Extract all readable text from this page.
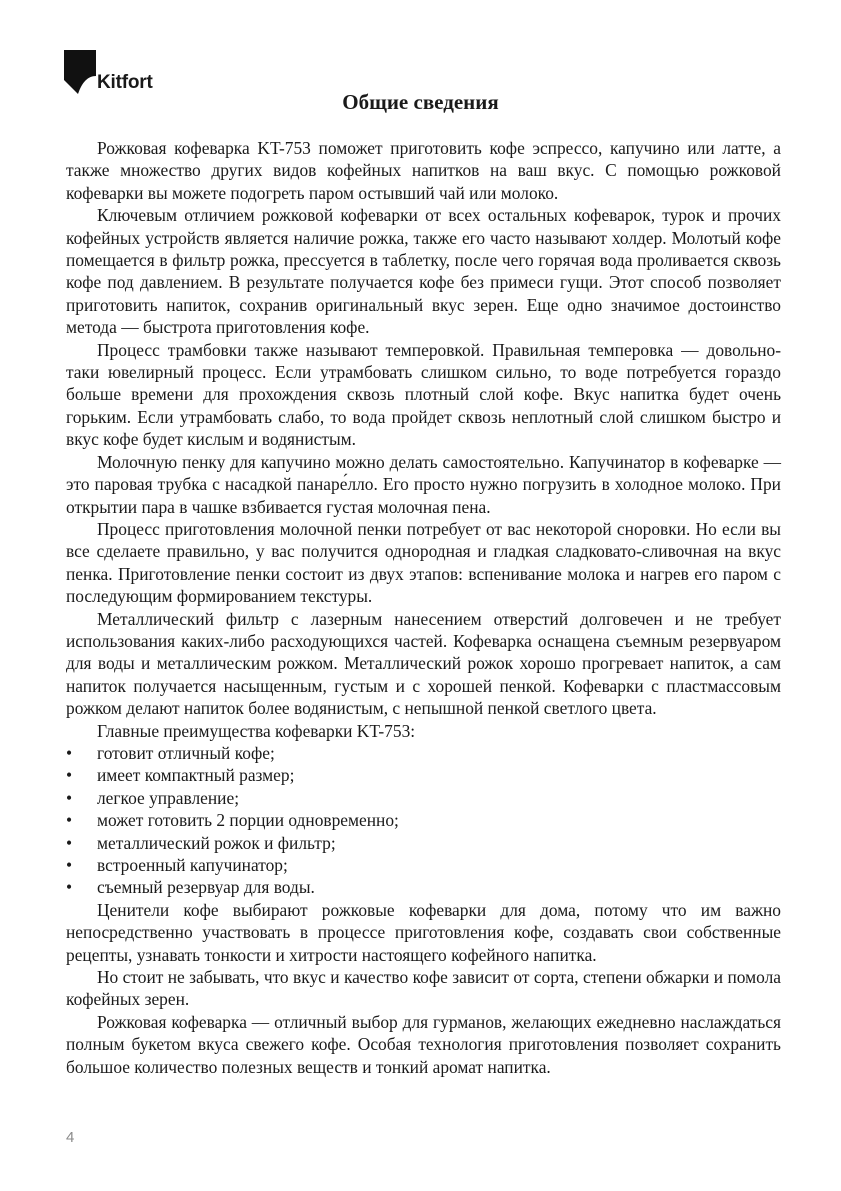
Kitfort
Общие сведения

Рожковая кофеварка KT-753 поможет приготовить кофе эспрессо, капучино или латте, а также множество других видов кофейных напитков на ваш вкус. С помощью рожковой кофеварки вы можете подогреть паром остывший чай или молоко.

Ключевым отличием рожковой кофеварки от всех остальных кофеварок, турок и прочих кофейных устройств является наличие рожка, также его часто называют холдер. Молотый кофе помещается в фильтр рожка, прессуется в таблетку, после чего горячая вода проливается сквозь кофе под давлением. В результате получается кофе без примеси гущи. Этот способ позволяет приготовить напиток, сохранив оригинальный вкус зерен. Еще одно значимое достоинство метода — быстрота приготовления кофе.

Процесс трамбовки также называют темперовкой. Правильная темперовка — довольно-таки ювелирный процесс. Если утрамбовать слишком сильно, то воде потребуется гораздо больше времени для прохождения сквозь плотный слой кофе. Вкус напитка будет очень горьким. Если утрамбовать слабо, то вода пройдет сквозь неплотный слой слишком быстро и вкус кофе будет кислым и водянистым.

Молочную пенку для капучино можно делать самостоятельно. Капучинатор в кофеварке — это паровая трубка с насадкой панаре́лло. Его просто нужно погрузить в холодное молоко. При открытии пара в чашке взбивается густая молочная пена.

Процесс приготовления молочной пенки потребует от вас некоторой сноровки. Но если вы все сделаете правильно, у вас получится однородная и гладкая сладковато-сливочная на вкус пенка. Приготовление пенки состоит из двух этапов: вспенивание молока и нагрев его паром с последующим формированием текстуры.

Металлический фильтр с лазерным нанесением отверстий долговечен и не требует использования каких-либо расходующихся частей. Кофеварка оснащена съемным резервуаром для воды и металлическим рожком. Металлический рожок хорошо прогревает напиток, а сам напиток получается насыщенным, густым и с хорошей пенкой. Кофеварки с пластмассовым рожком делают напиток более водянистым, с непышной пенкой светлого цвета.

Главные преимущества кофеварки KT-753:

• готовит отличный кофе;
• имеет компактный размер;
• легкое управление;
• может готовить 2 порции одновременно;
• металлический рожок и фильтр;
• встроенный капучинатор;
• съемный резервуар для воды.

Ценители кофе выбирают рожковые кофеварки для дома, потому что им важно непосредственно участвовать в процессе приготовления кофе, создавать свои собственные рецепты, узнавать тонкости и хитрости настоящего кофейного напитка.

Но стоит не забывать, что вкус и качество кофе зависит от сорта, степени обжарки и помола кофейных зерен.

Рожковая кофеварка — отличный выбор для гурманов, желающих ежедневно наслаждаться полным букетом вкуса свежего кофе. Особая технология приготовления позволяет сохранить большое количество полезных веществ и тонкий аромат напитка.

4
